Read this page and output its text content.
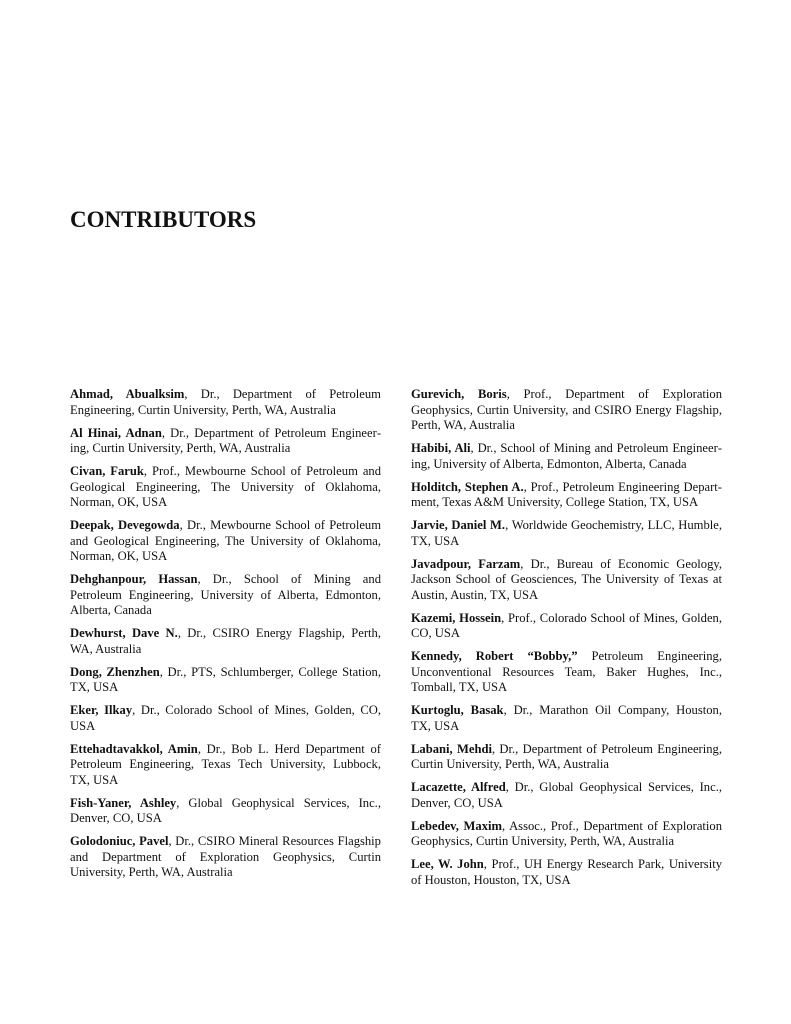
CONTRIBUTORS

Ahmad, Abualksim, Dr., Department of Petroleum Engineering, Curtin University, Perth, WA, Australia

Al Hinai, Adnan, Dr., Department of Petroleum Engineering, Curtin University, Perth, WA, Australia

Civan, Faruk, Prof., Mewbourne School of Petroleum and Geological Engineering, The University of Oklahoma, Norman, OK, USA

Deepak, Devegowda, Dr., Mewbourne School of Petroleum and Geological Engineering, The University of Oklahoma, Norman, OK, USA

Dehghanpour, Hassan, Dr., School of Mining and Petroleum Engineering, University of Alberta, Edmonton, Alberta, Canada

Dewhurst, Dave N., Dr., CSIRO Energy Flagship, Perth, WA, Australia

Dong, Zhenzhen, Dr., PTS, Schlumberger, College Station, TX, USA

Eker, Ilkay, Dr., Colorado School of Mines, Golden, CO, USA

Ettehadtavakkol, Amin, Dr., Bob L. Herd Department of Petroleum Engineering, Texas Tech University, Lubbock, TX, USA

Fish-Yaner, Ashley, Global Geophysical Services, Inc., Denver, CO, USA

Golodoniuc, Pavel, Dr., CSIRO Mineral Resources Flagship and Department of Exploration Geophysics, Curtin University, Perth, WA, Australia

Gurevich, Boris, Prof., Department of Exploration Geophysics, Curtin University, and CSIRO Energy Flagship, Perth, WA, Australia

Habibi, Ali, Dr., School of Mining and Petroleum Engineering, University of Alberta, Edmonton, Alberta, Canada

Holditch, Stephen A., Prof., Petroleum Engineering Department, Texas A&M University, College Station, TX, USA

Jarvie, Daniel M., Worldwide Geochemistry, LLC, Humble, TX, USA

Javadpour, Farzam, Dr., Bureau of Economic Geology, Jackson School of Geosciences, The University of Texas at Austin, Austin, TX, USA

Kazemi, Hossein, Prof., Colorado School of Mines, Golden, CO, USA

Kennedy, Robert “Bobby,” Petroleum Engineering, Unconventional Resources Team, Baker Hughes, Inc., Tomball, TX, USA

Kurtoglu, Basak, Dr., Marathon Oil Company, Houston, TX, USA

Labani, Mehdi, Dr., Department of Petroleum Engineering, Curtin University, Perth, WA, Australia

Lacazette, Alfred, Dr., Global Geophysical Services, Inc., Denver, CO, USA

Lebedev, Maxim, Assoc., Prof., Department of Exploration Geophysics, Curtin University, Perth, WA, Australia

Lee, W. John, Prof., UH Energy Research Park, University of Houston, Houston, TX, USA
